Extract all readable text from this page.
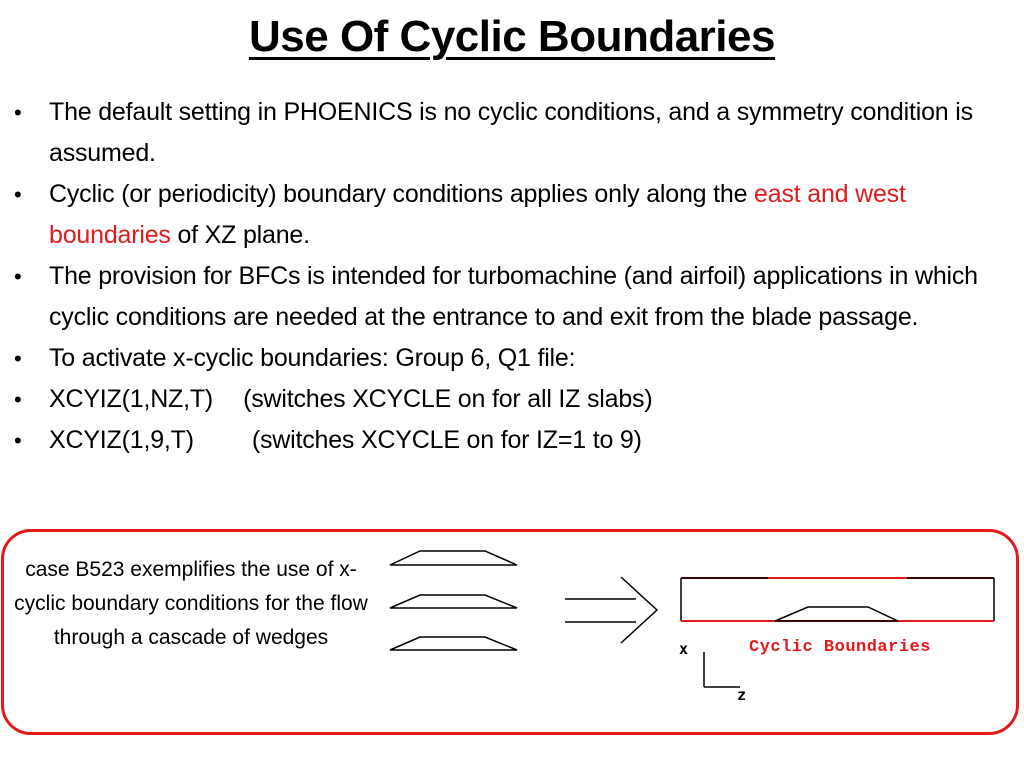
Use Of Cyclic Boundaries
• The default setting in PHOENICS is no cyclic conditions, and a symmetry condition is assumed.
• Cyclic (or periodicity) boundary conditions applies only along the east and west boundaries of XZ plane.
• The provision for BFCs is intended for turbomachine (and airfoil) applications in which cyclic conditions are needed at the entrance to and exit from the blade passage.
• To activate x-cyclic boundaries: Group 6, Q1 file:
• XCYIZ(1,NZ,T) (switches XCYCLE on for all IZ slabs)
• XCYIZ(1,9,T) (switches XCYCLE on for IZ=1 to 9)
case B523 exemplifies the use of x-cyclic boundary conditions for the flow through a cascade of wedges	x
z
Cyclic Boundaries
